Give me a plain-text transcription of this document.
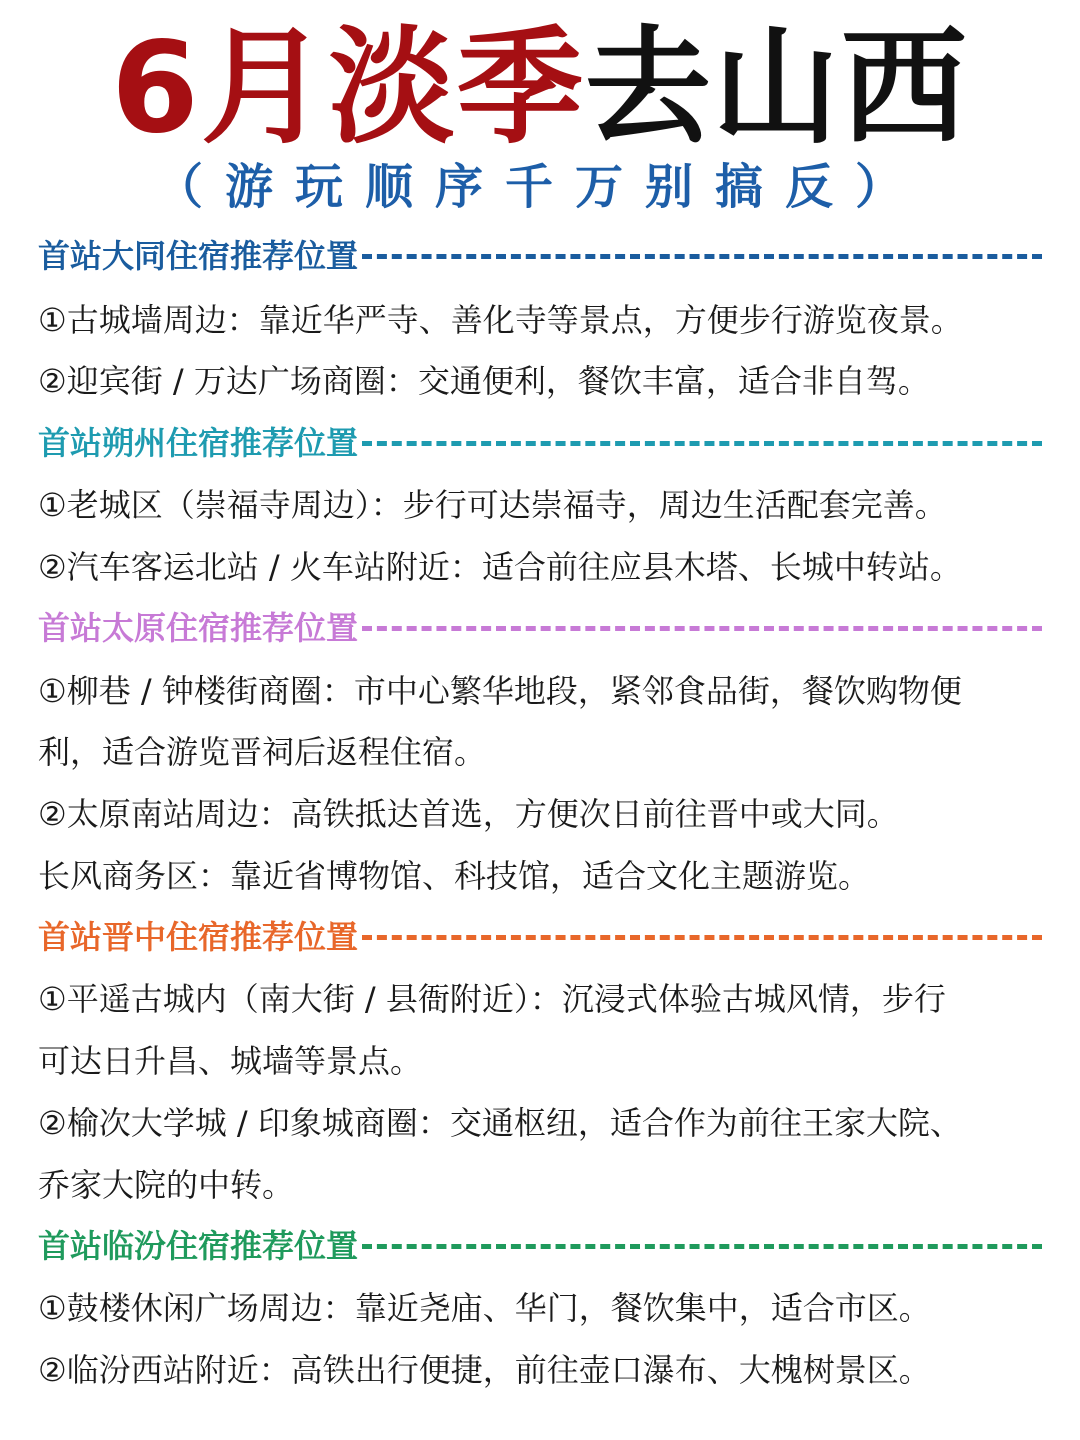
6月淡季去山西
（游玩顺序千万别搞反）
首站大同住宿推荐位置
①古城墙周边：靠近华严寺、善化寺等景点，方便步行游览夜景。
②迎宾街 / 万达广场商圈：交通便利，餐饮丰富，适合非自驾。
首站朔州住宿推荐位置
①老城区（崇福寺周边）：步行可达崇福寺，周边生活配套完善。
②汽车客运北站 / 火车站附近：适合前往应县木塔、长城中转站。
首站太原住宿推荐位置
①柳巷 / 钟楼街商圈：市中心繁华地段，紧邻食品街，餐饮购物便
利，适合游览晋祠后返程住宿。
②太原南站周边：高铁抵达首选，方便次日前往晋中或大同。
长风商务区：靠近省博物馆、科技馆，适合文化主题游览。
首站晋中住宿推荐位置
①平遥古城内（南大街 / 县衙附近）：沉浸式体验古城风情，步行
可达日升昌、城墙等景点。
②榆次大学城 / 印象城商圈：交通枢纽，适合作为前往王家大院、
乔家大院的中转。
首站临汾住宿推荐位置
①鼓楼休闲广场周边：靠近尧庙、华门，餐饮集中，适合市区。
②临汾西站附近：高铁出行便捷，前往壶口瀑布、大槐树景区。
